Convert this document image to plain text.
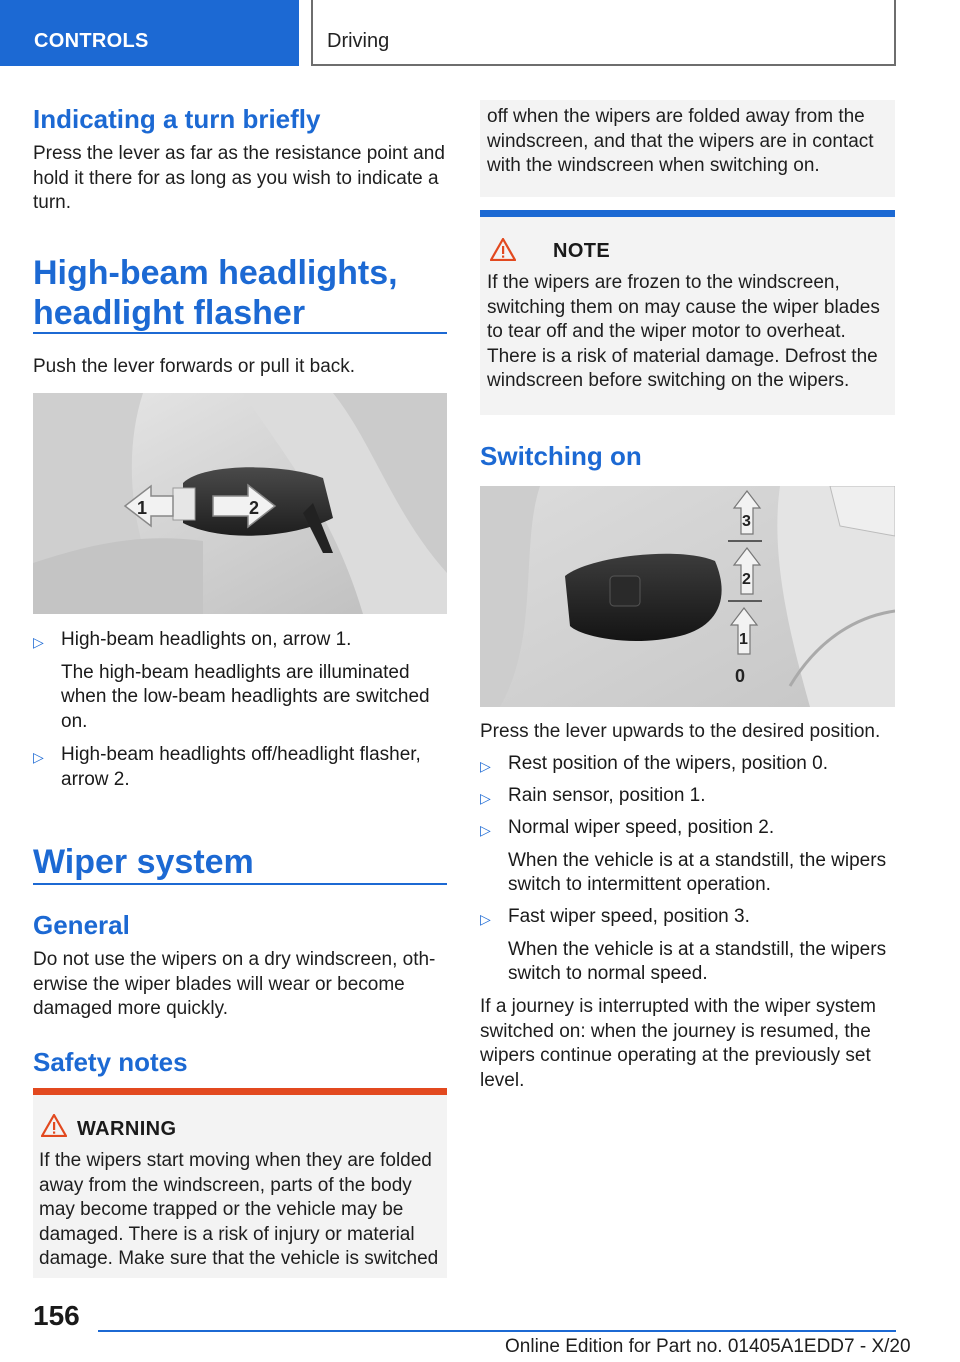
CONTROLS	Driving
Indicating a turn briefly
Press the lever as far as the resistance point and
hold it there for as long as you wish to indicate a
turn.
High-beam headlights,
headlight flasher
Push the lever forwards or pull it back.
1	2
▷ High-beam headlights on, arrow 1.
The high-beam headlights are illuminated
when the low-beam headlights are switched
on.
▷ High-beam headlights off/headlight flasher,
arrow 2.
Wiper system
General
Do not use the wipers on a dry windscreen, oth-
erwise the wiper blades will wear or become
damaged more quickly.
Safety notes
WARNING
If the wipers start moving when they are folded
away from the windscreen, parts of the body
may become trapped or the vehicle may be
damaged. There is a risk of injury or material
damage. Make sure that the vehicle is switched
off when the wipers are folded away from the
windscreen, and that the wipers are in contact
with the windscreen when switching on.
NOTE
If the wipers are frozen to the windscreen,
switching them on may cause the wiper blades
to tear off and the wiper motor to overheat.
There is a risk of material damage. Defrost the
windscreen before switching on the wipers.
Switching on
3
2
1
0
Press the lever upwards to the desired position.
▷ Rest position of the wipers, position 0.
▷ Rain sensor, position 1.
▷ Normal wiper speed, position 2.
When the vehicle is at a standstill, the wipers
switch to intermittent operation.
▷ Fast wiper speed, position 3.
When the vehicle is at a standstill, the wipers
switch to normal speed.
If a journey is interrupted with the wiper system
switched on: when the journey is resumed, the
wipers continue operating at the previously set
level.
156
Online Edition for Part no. 01405A1EDD7 - X/20
